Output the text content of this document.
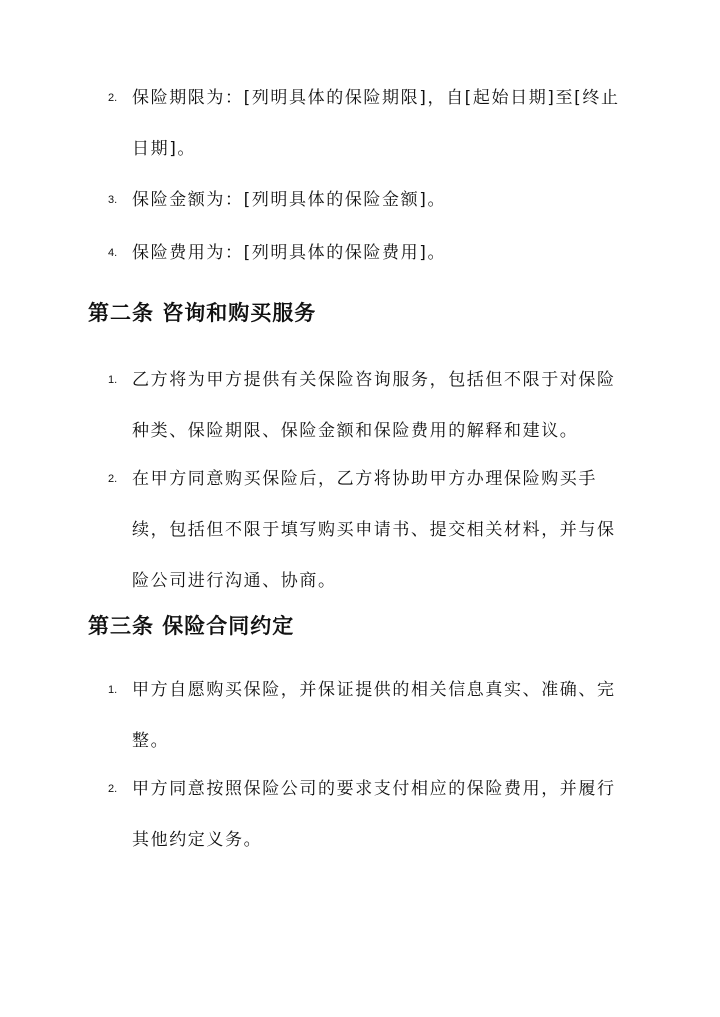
2. 保险期限为：[列明具体的保险期限]，自[起始日期]至[终止日期]。
3. 保险金额为：[列明具体的保险金额]。
4. 保险费用为：[列明具体的保险费用]。
第二条 咨询和购买服务
1. 乙方将为甲方提供有关保险咨询服务，包括但不限于对保险种类、保险期限、保险金额和保险费用的解释和建议。
2. 在甲方同意购买保险后，乙方将协助甲方办理保险购买手续，包括但不限于填写购买申请书、提交相关材料，并与保险公司进行沟通、协商。
第三条 保险合同约定
1. 甲方自愿购买保险，并保证提供的相关信息真实、准确、完整。
2. 甲方同意按照保险公司的要求支付相应的保险费用，并履行其他约定义务。
